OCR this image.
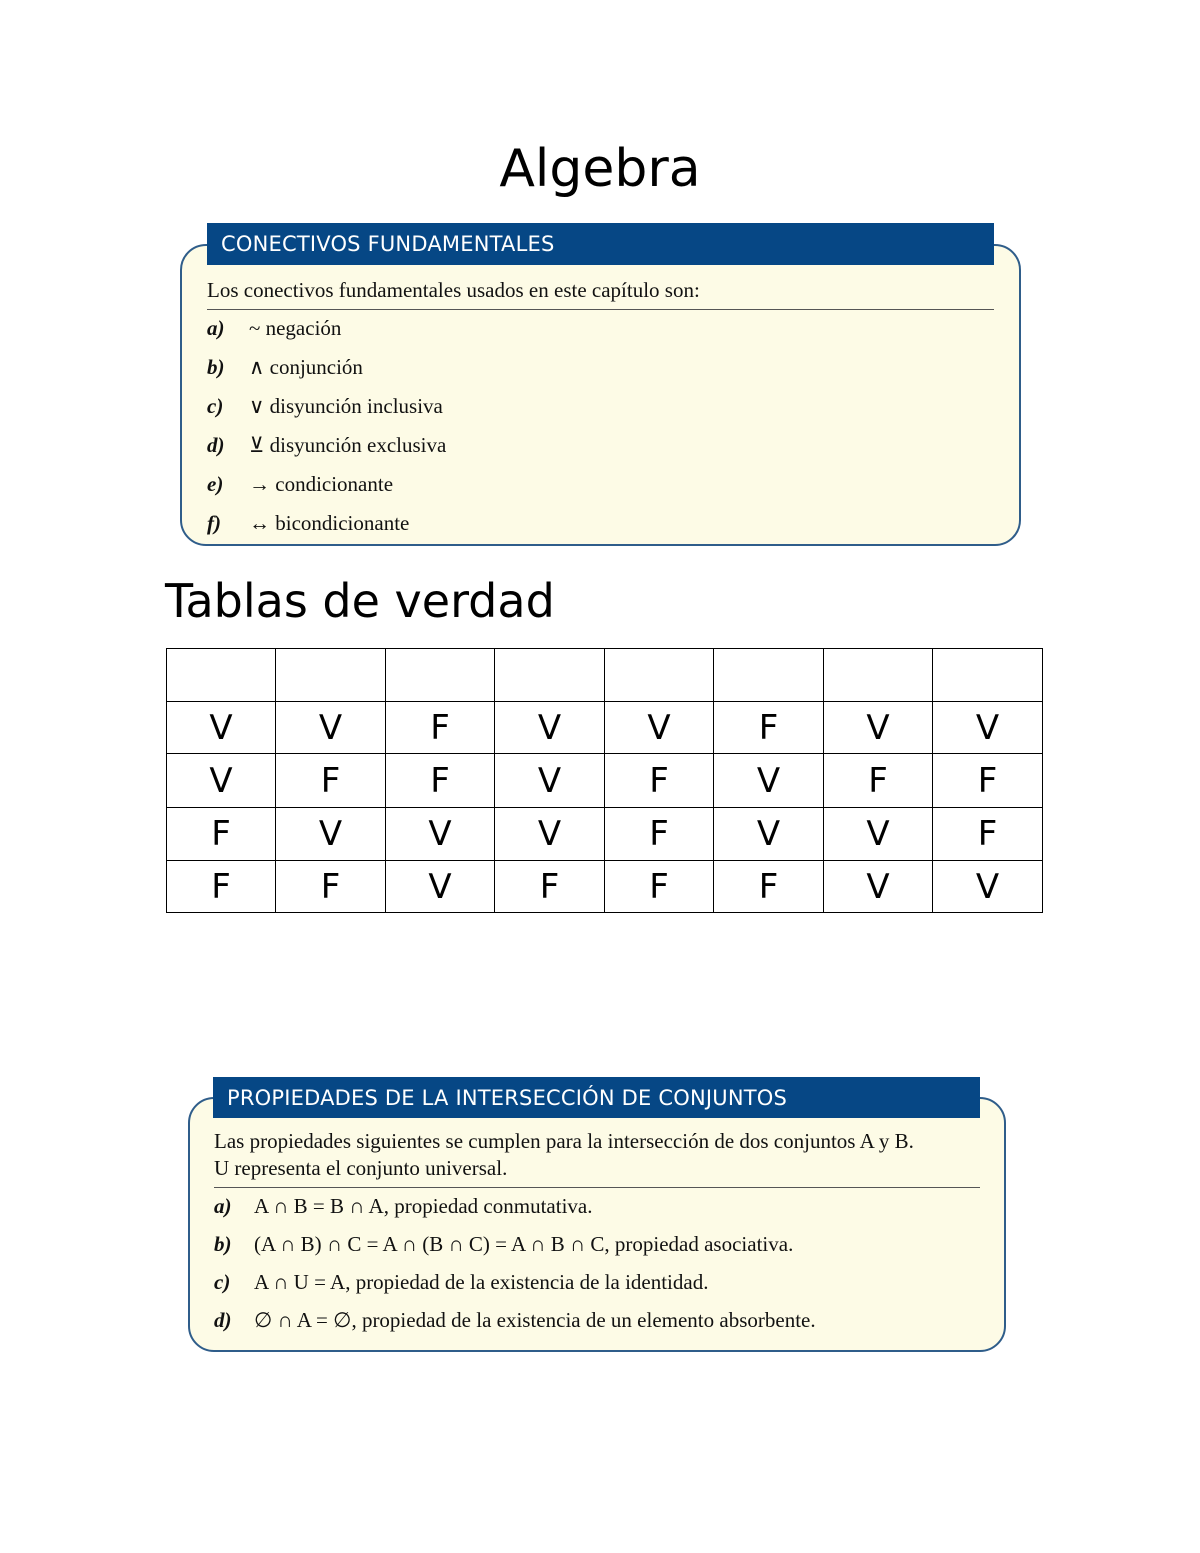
Algebra
CONECTIVOS FUNDAMENTALES
Los conectivos fundamentales usados en este capítulo son:
a) ~ negación
b) ∧ conjunción
c) ∨ disyunción inclusiva
d) ⊻ disyunción exclusiva
e) → condicionante
f) ↔ bicondicionante
Tablas de verdad

V	V	F	V	V	F	V	V
V	F	F	V	F	V	F	F
F	V	V	V	F	V	V	F
F	F	V	F	F	F	V	V
PROPIEDADES DE LA INTERSECCIÓN DE CONJUNTOS
Las propiedades siguientes se cumplen para la intersección de dos conjuntos A y B.
U representa el conjunto universal.
a) A ∩ B = B ∩ A, propiedad conmutativa.
b) (A ∩ B) ∩ C = A ∩ (B ∩ C) = A ∩ B ∩ C, propiedad asociativa.
c) A ∩ U = A, propiedad de la existencia de la identidad.
d) ∅ ∩ A = ∅, propiedad de la existencia de un elemento absorbente.
